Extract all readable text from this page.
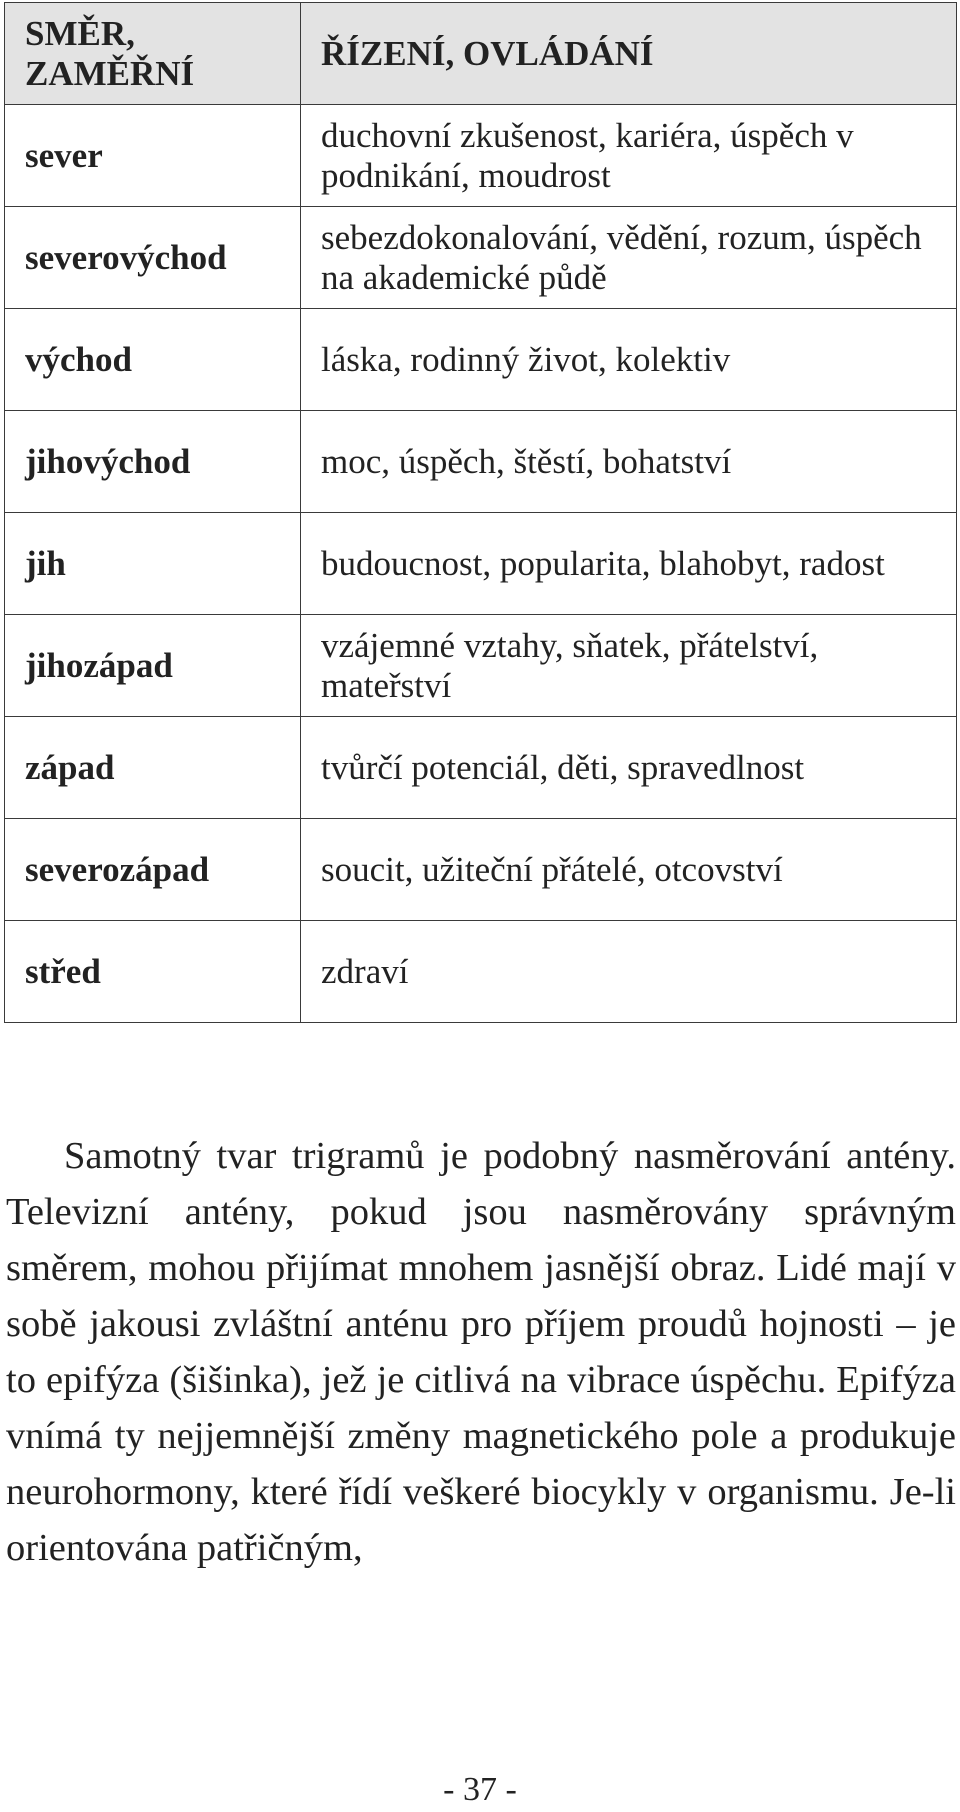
SMĚR, ZAMĚŘNÍ	ŘÍZENÍ, OVLÁDÁNÍ
sever	duchovní zkušenost, kariéra, úspěch v podnikání, moudrost
severovýchod	sebezdokonalování, vědění, rozum, úspěch na akademické půdě
východ	láska, rodinný život, kolektiv
jihovýchod	moc, úspěch, štěstí, bohatství
jih	budoucnost, popularita, blahobyt, radost
jihozápad	vzájemné vztahy, sňatek, přátelství, mateřství
západ	tvůrčí potenciál, děti, spravedlnost
severozápad	soucit, užiteční přátelé, otcovství
střed	zdraví

Samotný tvar trigramů je podobný nasměrování antény. Televizní antény, pokud jsou nasměrovány správným směrem, mohou přijímat mnohem jasnější obraz. Lidé mají v sobě jakousi zvláštní anténu pro příjem proudů hojnosti – je to epifýza (šišinka), jež je citlivá na vibrace úspěchu. Epifýza vnímá ty nejjemnější změny magnetického pole a produkuje neurohormony, které řídí veškeré biocykly v organismu. Je-li orientována patřičným,

- 37 -
